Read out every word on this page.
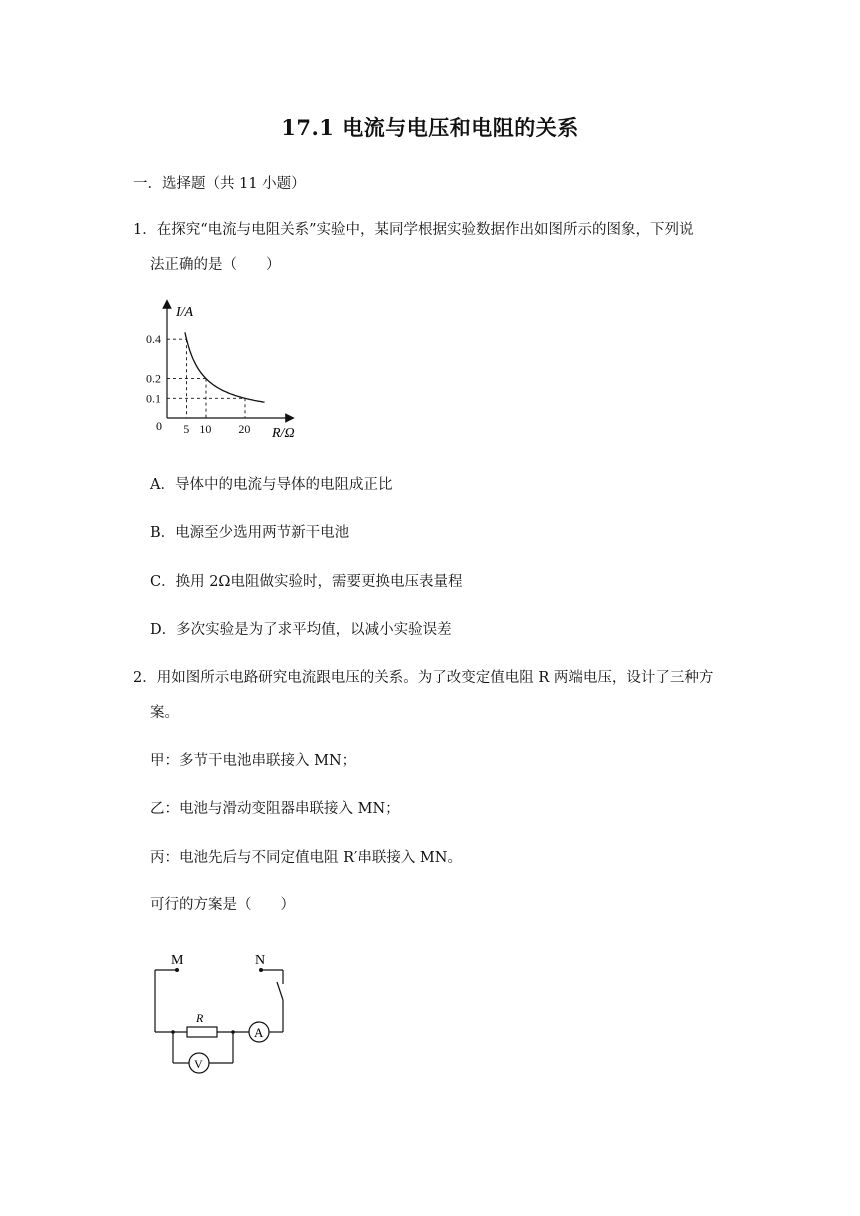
17.1 电流与电压和电阻的关系
一．选择题（共 11 小题）
1．在探究“电流与电阻关系”实验中，某同学根据实验数据作出如图所示的图象，下列说
法正确的是（　　）
0.4
5
0.2
10
0.1
20
I/A
R/Ω
0
A．导体中的电流与导体的电阻成正比
B．电源至少选用两节新干电池
C．换用 2Ω电阻做实验时，需要更换电压表量程
D．多次实验是为了求平均值，以减小实验误差
2．用如图所示电路研究电流跟电压的关系。为了改变定值电阻 R 两端电压，设计了三种方
案。
甲：多节干电池串联接入 MN；
乙：电池与滑动变阻器串联接入 MN；
丙：电池先后与不同定值电阻 R′串联接入 MN。
可行的方案是（　　）
M	N
R
A
V
